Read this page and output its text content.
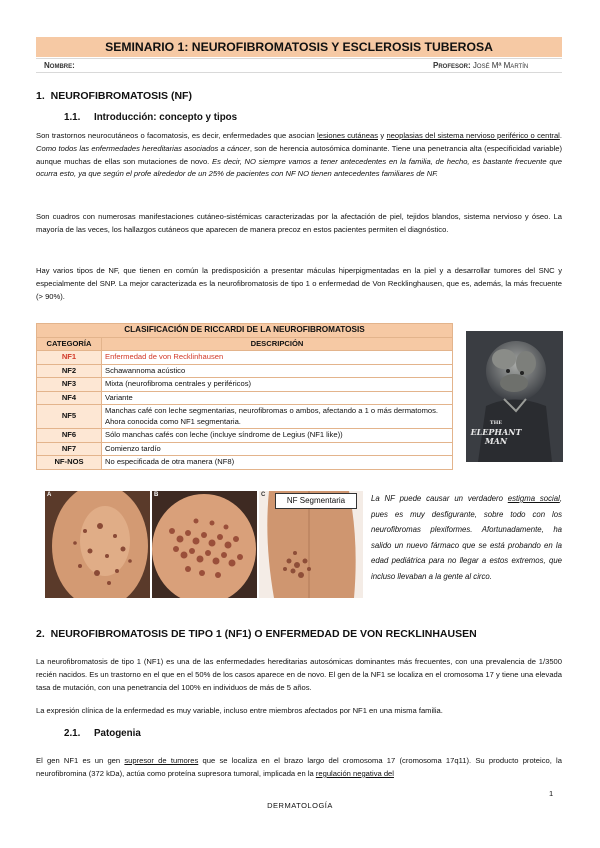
SEMINARIO 1: NEUROFIBROMATOSIS Y ESCLEROSIS TUBEROSA
Nombre:	Profesor: José Mª Martín
1. NEUROFIBROMATOSIS (NF)
1.1. Introducción: concepto y tipos
Son trastornos neurocutáneos o facomatosis, es decir, enfermedades que asocian lesiones cutáneas y neoplasias del sistema nervioso periférico o central. Como todos las enfermedades hereditarias asociados a cáncer, son de herencia autosómica dominante. Tiene una penetrancia alta (especificidad variable) aunque muchas de ellas son mutaciones de novo. Es decir, NO siempre vamos a tener antecedentes en la familia, de hecho, es bastante frecuente que ocurra esto, ya que según el profe alrededor de un 25% de pacientes con NF NO tienen antecedentes familiares de NF.
Son cuadros con numerosas manifestaciones cutáneo-sistémicas caracterizadas por la afectación de piel, tejidos blandos, sistema nervioso y óseo. La mayoría de las veces, los hallazgos cutáneos que aparecen de manera precoz en estos pacientes permiten el diagnóstico.
Hay varios tipos de NF, que tienen en común la predisposición a presentar máculas hiperpigmentadas en la piel y a desarrollar tumores del SNC y especialmente del SNP. La mejor caracterizada es la neurofibromatosis de tipo 1 o enfermedad de Von Recklinghausen, que es, además, la más frecuente (> 90%).
CLASIFICACIÓN DE RICCARDI DE LA NEUROFIBROMATOSIS	
CATEGORÍA	DESCRIPCIÓN
NF1	Enfermedad de von Recklinhausen
NF2	Schawannoma acústico
NF3	Mixta (neurofibroma centrales y periféricos)
NF4	Variante
NF5	Manchas café con leche segmentarias, neurofibromas o ambos, afectando a 1 o más dermatomos. Ahora conocida como NF1 segmentaria.
NF6	Sólo manchas cafés con leche (incluye síndrome de Legius (NF1 like))
NF7	Comienzo tardío
NF-NOS	No especificada de otra manera (NF8)
THE
ELEPHANT
MAN
A	B	C
NF Segmentaria	La NF puede causar un verdadero estigma social, pues es muy desfigurante, sobre todo con los neurofibromas plexiformes. Afortunadamente, ha salido un nuevo fármaco que se está probando en la edad pediátrica para no llegar a estos extremos, que incluso llevaban a la gente al circo.
2. NEUROFIBROMATOSIS DE TIPO 1 (NF1) O ENFERMEDAD DE VON RECKLINHAUSEN
La neurofibromatosis de tipo 1 (NF1) es una de las enfermedades hereditarias autosómicas dominantes más frecuentes, con una prevalencia de 1/3500 recién nacidos. Es un trastorno en el que en el 50% de los casos aparece en de novo. El gen de la NF1 se localiza en el cromosoma 17 y tiene una elevada tasa de mutación, con una penetrancia del 100% en individuos de más de 5 años.
La expresión clínica de la enfermedad es muy variable, incluso entre miembros afectados por NF1 en una misma familia.
2.1. Patogenia
El gen NF1 es un gen supresor de tumores que se localiza en el brazo largo del cromosoma 17 (cromosoma 17q11). Su producto proteico, la neurofibromina (372 kDa), actúa como proteína supresora tumoral, implicada en la regulación negativa del
1
DERMATOLOGÍA
